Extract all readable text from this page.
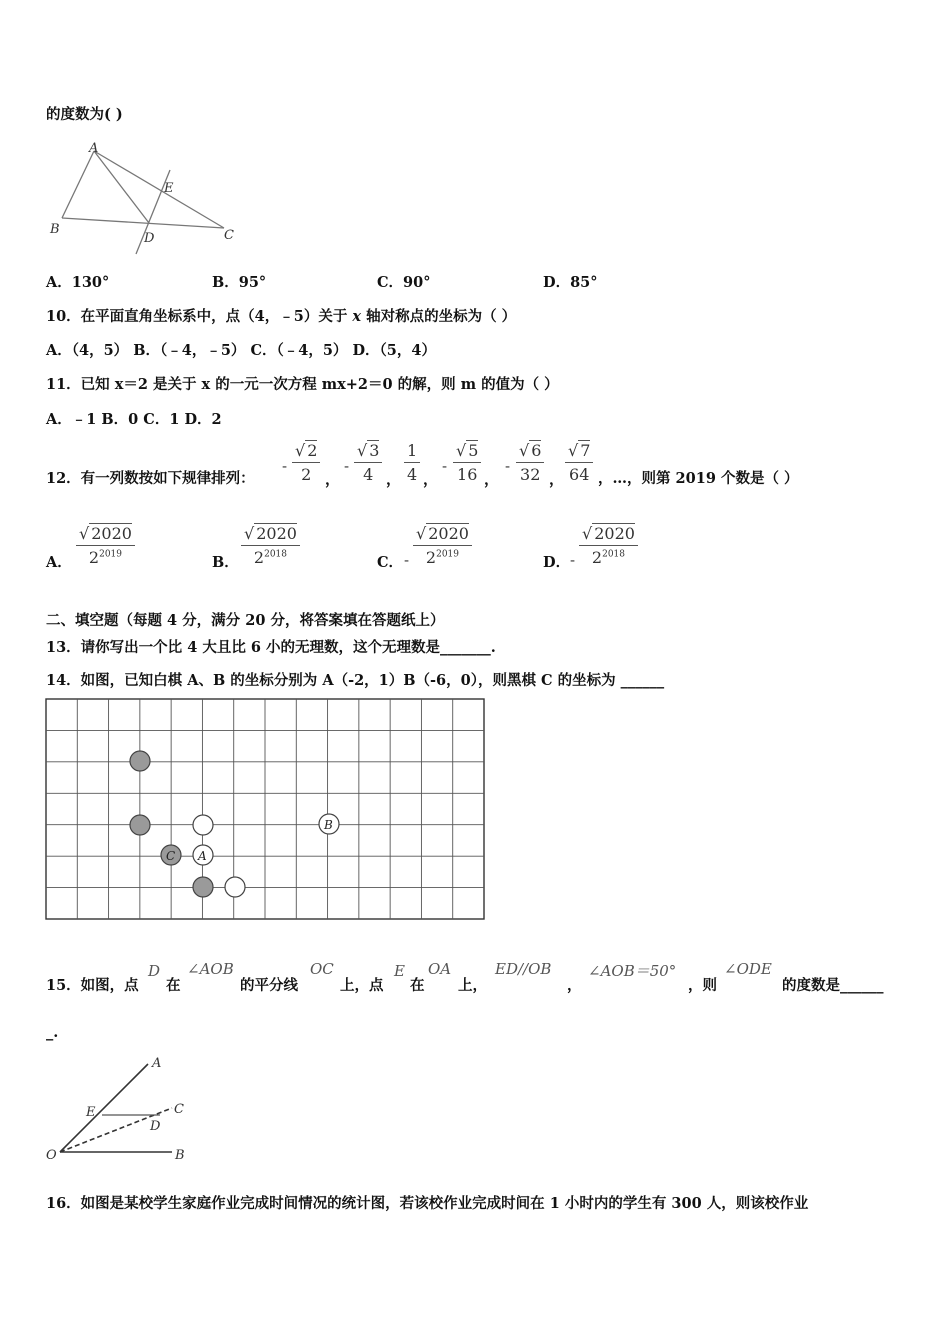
的度数为( )
A
B	C
D
E
A．130°	B．95°	C．90°	D．85°
10．在平面直角坐标系中，点（4，﹣5）关于 x 轴对称点的坐标为（ ）
A．（4，5） B．（﹣4，﹣5） C．（﹣4，5） D．（5，4）
11．已知 x＝2 是关于 x 的一元一次方程 mx+2＝0 的解，则 m 的值为（ ）
A．﹣1 B．0 C．1 D．2
12．有一列数按如下规律排列：
- $\frac{√ 2}{2}$ ，
- $\frac{√ 3}{4}$ ， $\frac{1}{4}$ ，
- $\frac{√ 5}{16}$ ，
- $\frac{√ 6}{32}$ ， $\frac{√ 7}{64}$ ，…，则第 2019 个数是（ ）
A． $\frac{√ 2020}{2^{2019}}$	B． $\frac{√ 2020}{2^{2018}}$	C． - $\frac{√ 2020}{2^{2019}}$	D． - $\frac{√ 2020}{2^{2018}}$
二、填空题（每题 4 分，满分 20 分，将答案填在答题纸上）
13．请你写出一个比 4 大且比 6 小的无理数，这个无理数是_______.
14．如图，已知白棋 A、B 的坐标分别为 A（-2，1）B（-6，0），则黑棋 C 的坐标为 ______
C A
B
15．如图，点
D
在
∠AOB
的平分线
OC
上，点
E
在
OA
上，
ED//OB
，
∠AOB＝50°
，则
∠ODE
的度数是______
_.
A
C
E
D
O	B
16．如图是某校学生家庭作业完成时间情况的统计图，若该校作业完成时间在 1 小时内的学生有 300 人，则该校作业
